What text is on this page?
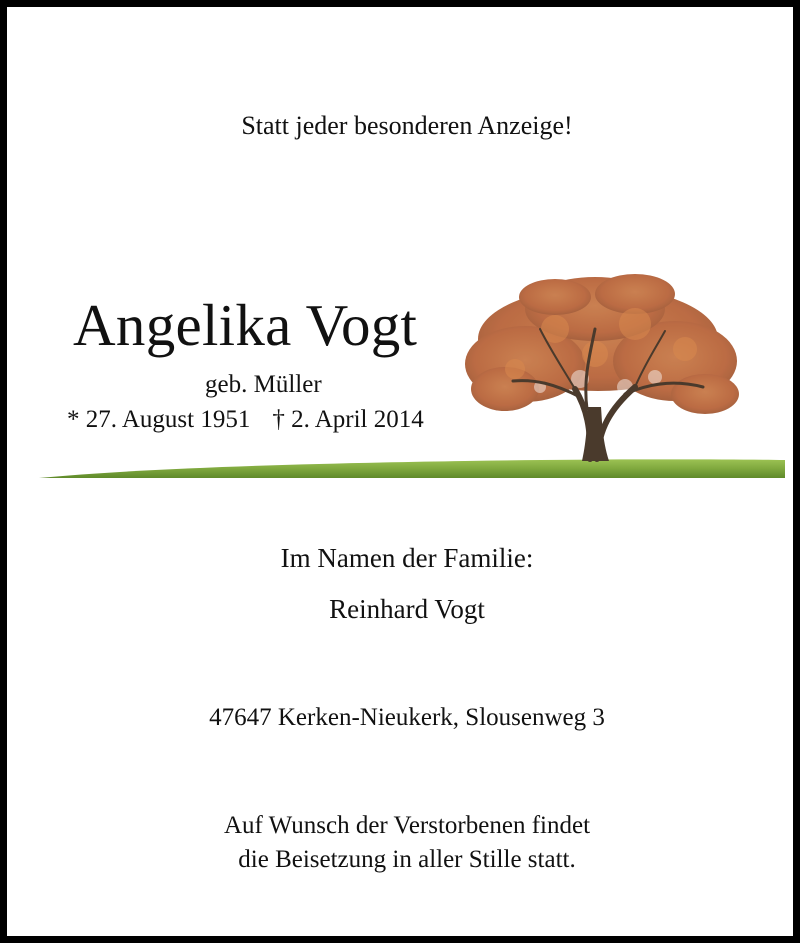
Statt jeder besonderen Anzeige!
Angelika Vogt
geb. Müller
* 27. August 1951 † 2. April 2014
Im Namen der Familie:
Reinhard Vogt
47647 Kerken-Nieukerk, Slousenweg 3
Auf Wunsch der Verstorbenen findet
die Beisetzung in aller Stille statt.
